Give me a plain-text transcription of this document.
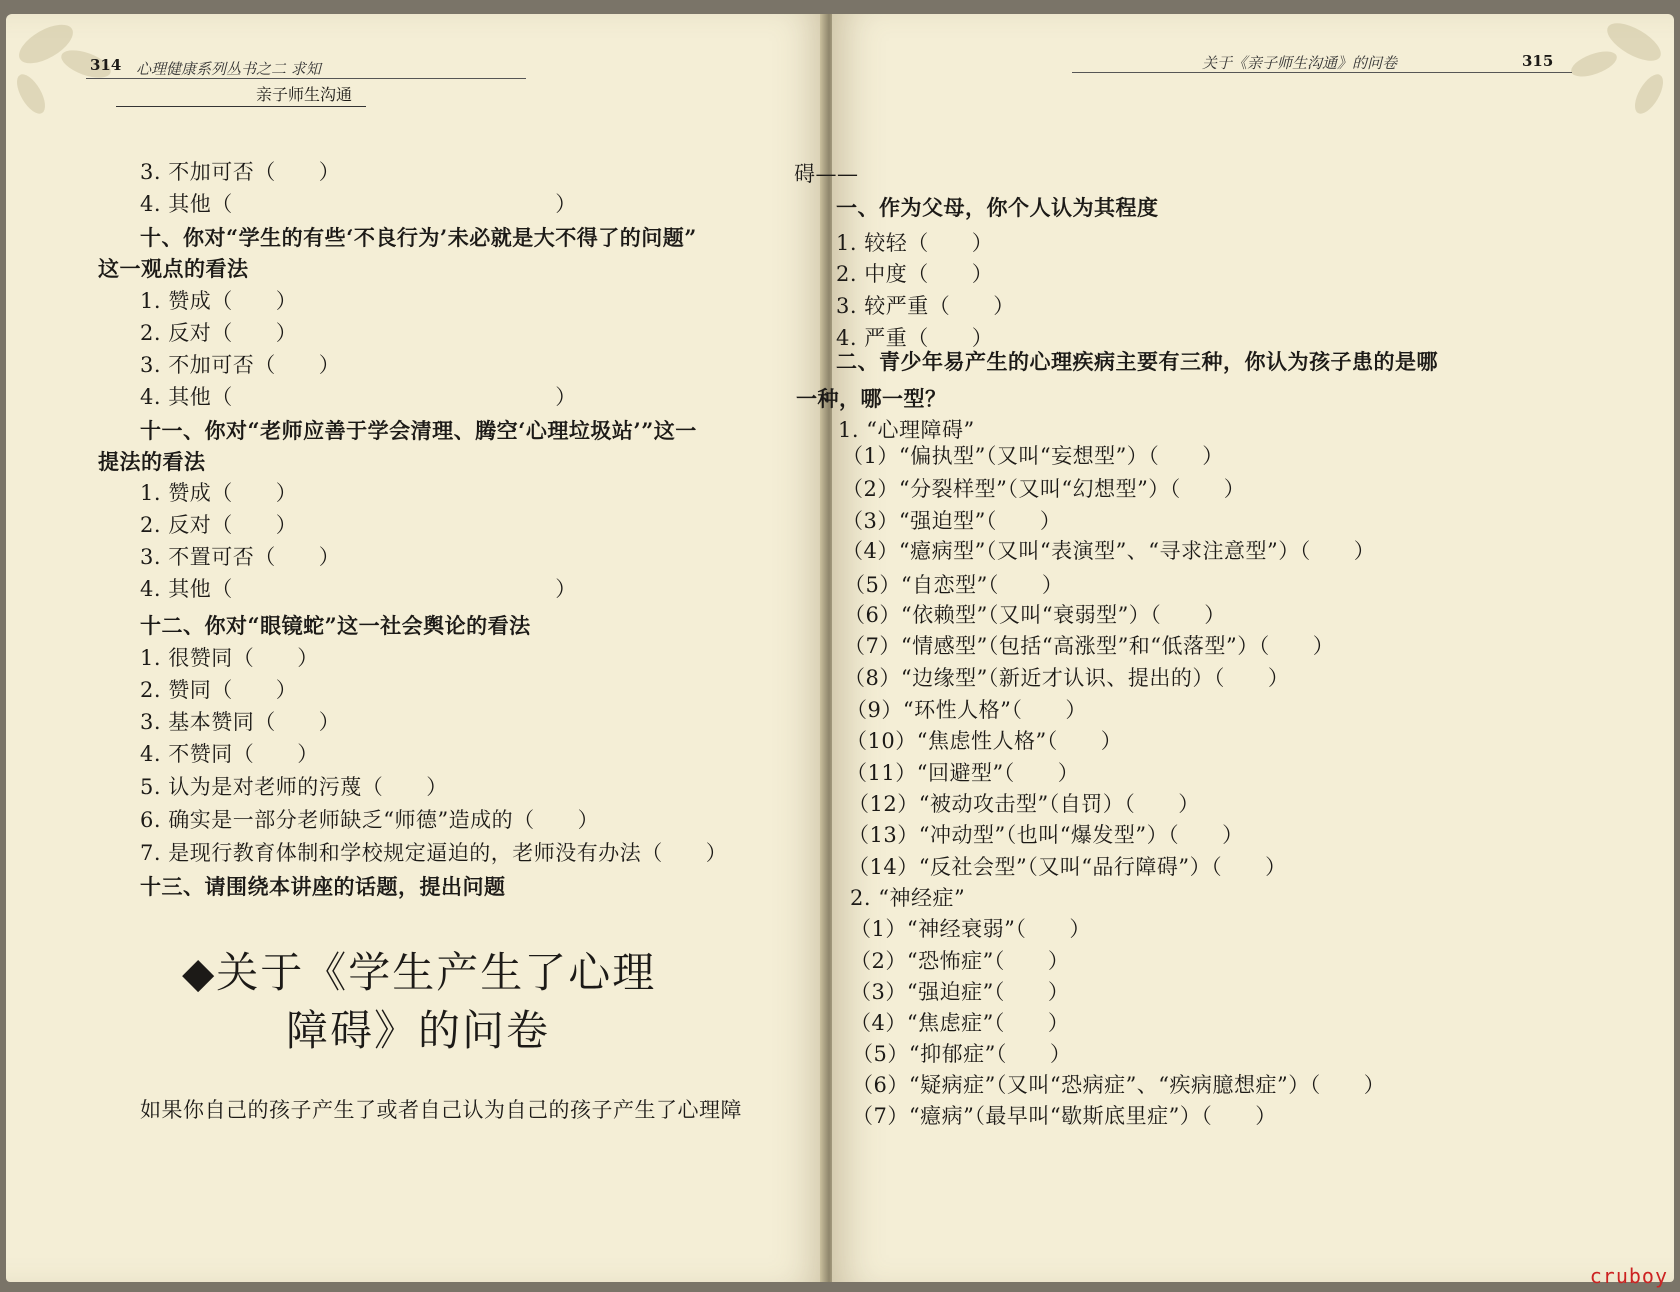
314 心理健康系列丛书之二 求知
亲子师生沟通
3. 不加可否（　　）
4. 其他（　　　　　　　　　　　　　　　）
十、你对“学生的有些‘不良行为’未必就是大不得了的问题”
这一观点的看法
1. 赞成（　　）
2. 反对（　　）
3. 不加可否（　　）
4. 其他（　　　　　　　　　　　　　　　）
十一、你对“老师应善于学会清理、腾空‘心理垃圾站’”这一
提法的看法
1. 赞成（　　）
2. 反对（　　）
3. 不置可否（　　）
4. 其他（　　　　　　　　　　　　　　　）
十二、你对“眼镜蛇”这一社会舆论的看法
1. 很赞同（　　）
2. 赞同（　　）
3. 基本赞同（　　）
4. 不赞同（　　）
5. 认为是对老师的污蔑（　　）
6. 确实是一部分老师缺乏“师德”造成的（　　）
7. 是现行教育体制和学校规定逼迫的，老师没有办法（　　）
十三、请围绕本讲座的话题，提出问题
◆关于《学生产生了心理
障碍》的问卷
如果你自己的孩子产生了或者自己认为自己的孩子产生了心理障
关于《亲子师生沟通》的问卷	315
碍——
一、作为父母，你个人认为其程度
1. 较轻（　　）
2. 中度（　　）
3. 较严重（　　）
4. 严重（　　）
二、青少年易产生的心理疾病主要有三种，你认为孩子患的是哪
一种，哪一型？
1. “心理障碍”
（1）“偏执型”（又叫“妄想型”）（　　）
（2）“分裂样型”（又叫“幻想型”）（　　）
（3）“强迫型”（　　）
（4）“癔病型”（又叫“表演型”、“寻求注意型”）（　　）
（5）“自恋型”（　　）
（6）“依赖型”（又叫“衰弱型”）（　　）
（7）“情感型”（包括“高涨型”和“低落型”）（　　）
（8）“边缘型”（新近才认识、提出的）（　　）
（9）“环性人格”（　　）
（10）“焦虑性人格”（　　）
（11）“回避型”（　　）
（12）“被动攻击型”（自罚）（　　）
（13）“冲动型”（也叫“爆发型”）（　　）
（14）“反社会型”（又叫“品行障碍”）（　　）
2. “神经症”
（1）“神经衰弱”（　　）
（2）“恐怖症”（　　）
（3）“强迫症”（　　）
（4）“焦虑症”（　　）
（5）“抑郁症”（　　）
（6）“疑病症”（又叫“恐病症”、“疾病臆想症”）（　　）
（7）“癔病”（最早叫“歇斯底里症”）（　　）
cruboy
